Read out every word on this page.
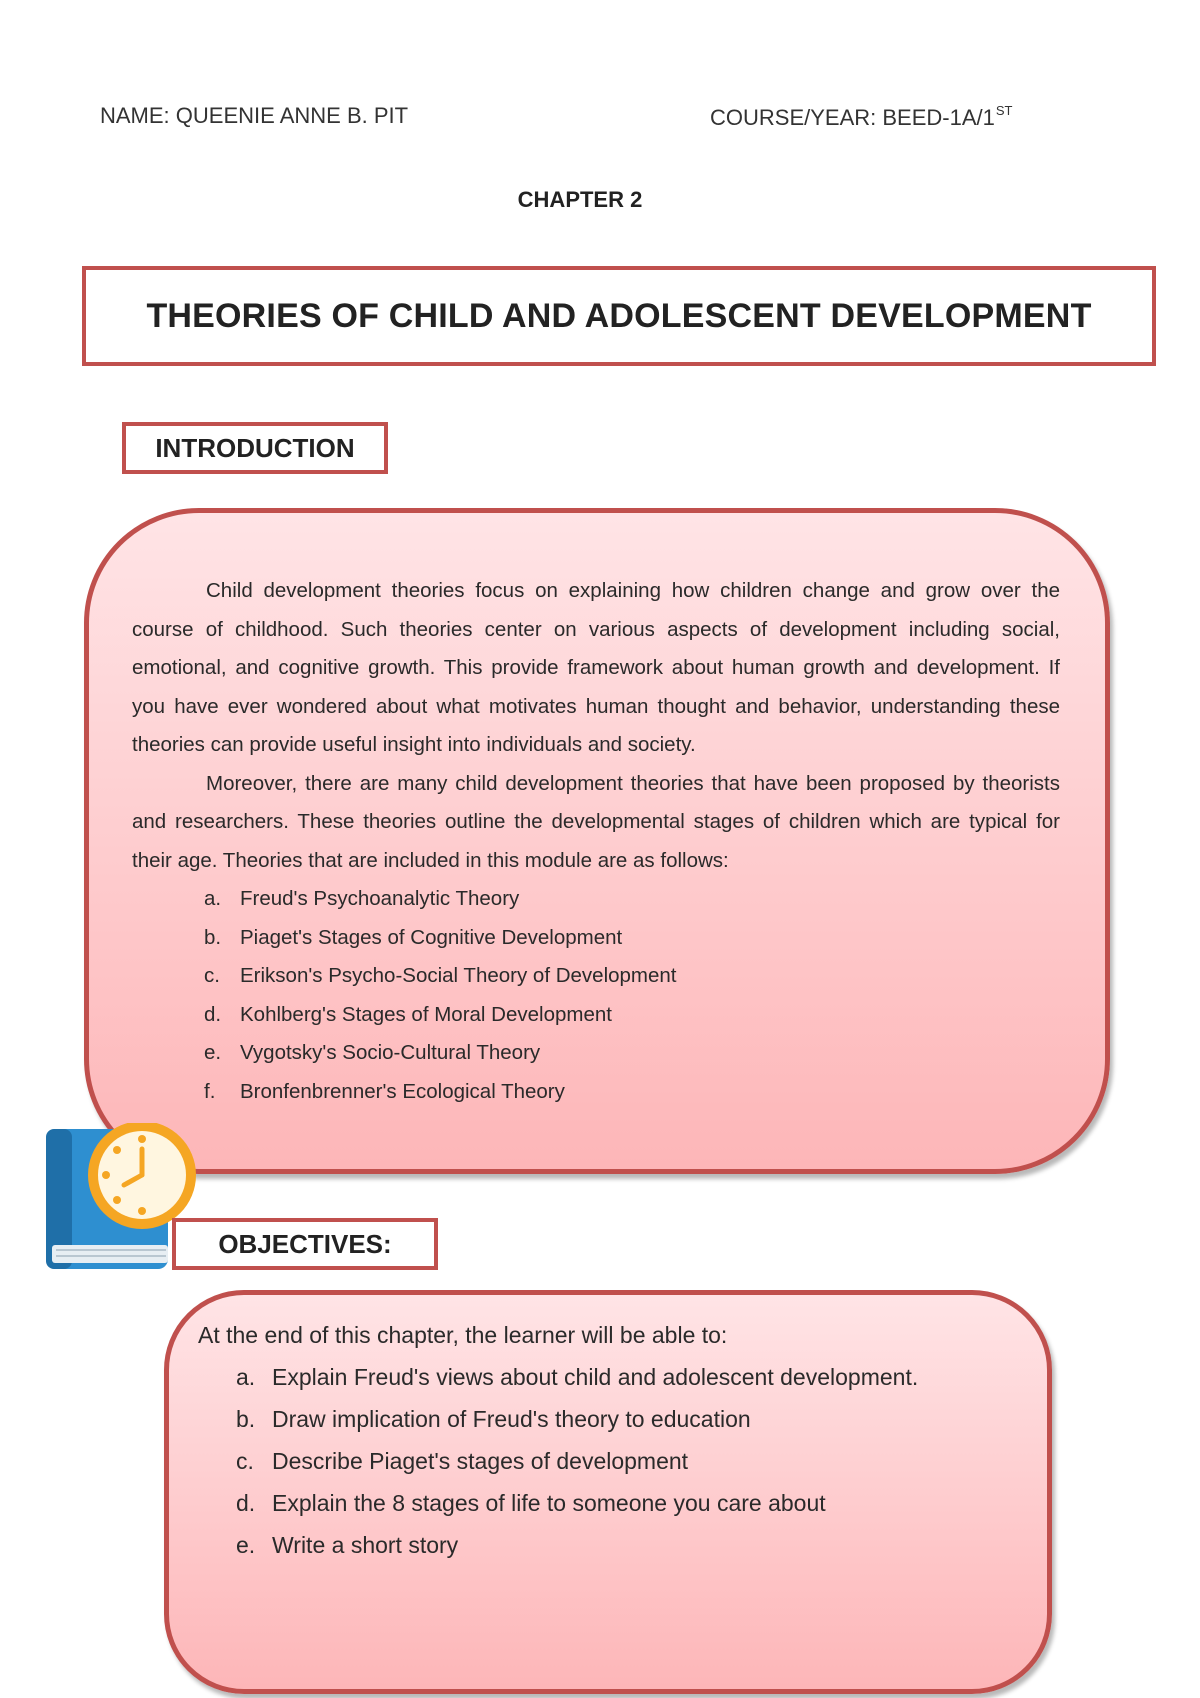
NAME: QUEENIE ANNE B. PIT	COURSE/YEAR: BEED-1A/1ST
CHAPTER 2
THEORIES OF CHILD AND ADOLESCENT DEVELOPMENT
INTRODUCTION

Child development theories focus on explaining how children change and grow over the course of childhood. Such theories center on various aspects of development including social, emotional, and cognitive growth. This provide framework about human growth and development. If you have ever wondered about what motivates human thought and behavior, understanding these theories can provide useful insight into individuals and society.

Moreover, there are many child development theories that have been proposed by theorists and researchers. These theories outline the developmental stages of children which are typical for their age. Theories that are included in this module are as follows:

a. Freud's Psychoanalytic Theory
b. Piaget's Stages of Cognitive Development
c. Erikson's Psycho-Social Theory of Development
d. Kohlberg's Stages of Moral Development
e. Vygotsky's Socio-Cultural Theory
f. Bronfenbrenner's Ecological Theory
OBJECTIVES:

At the end of this chapter, the learner will be able to:

a. Explain Freud's views about child and adolescent development.
b. Draw implication of Freud's theory to education
c. Describe Piaget's stages of development
d. Explain the 8 stages of life to someone you care about
e. Write a short story
